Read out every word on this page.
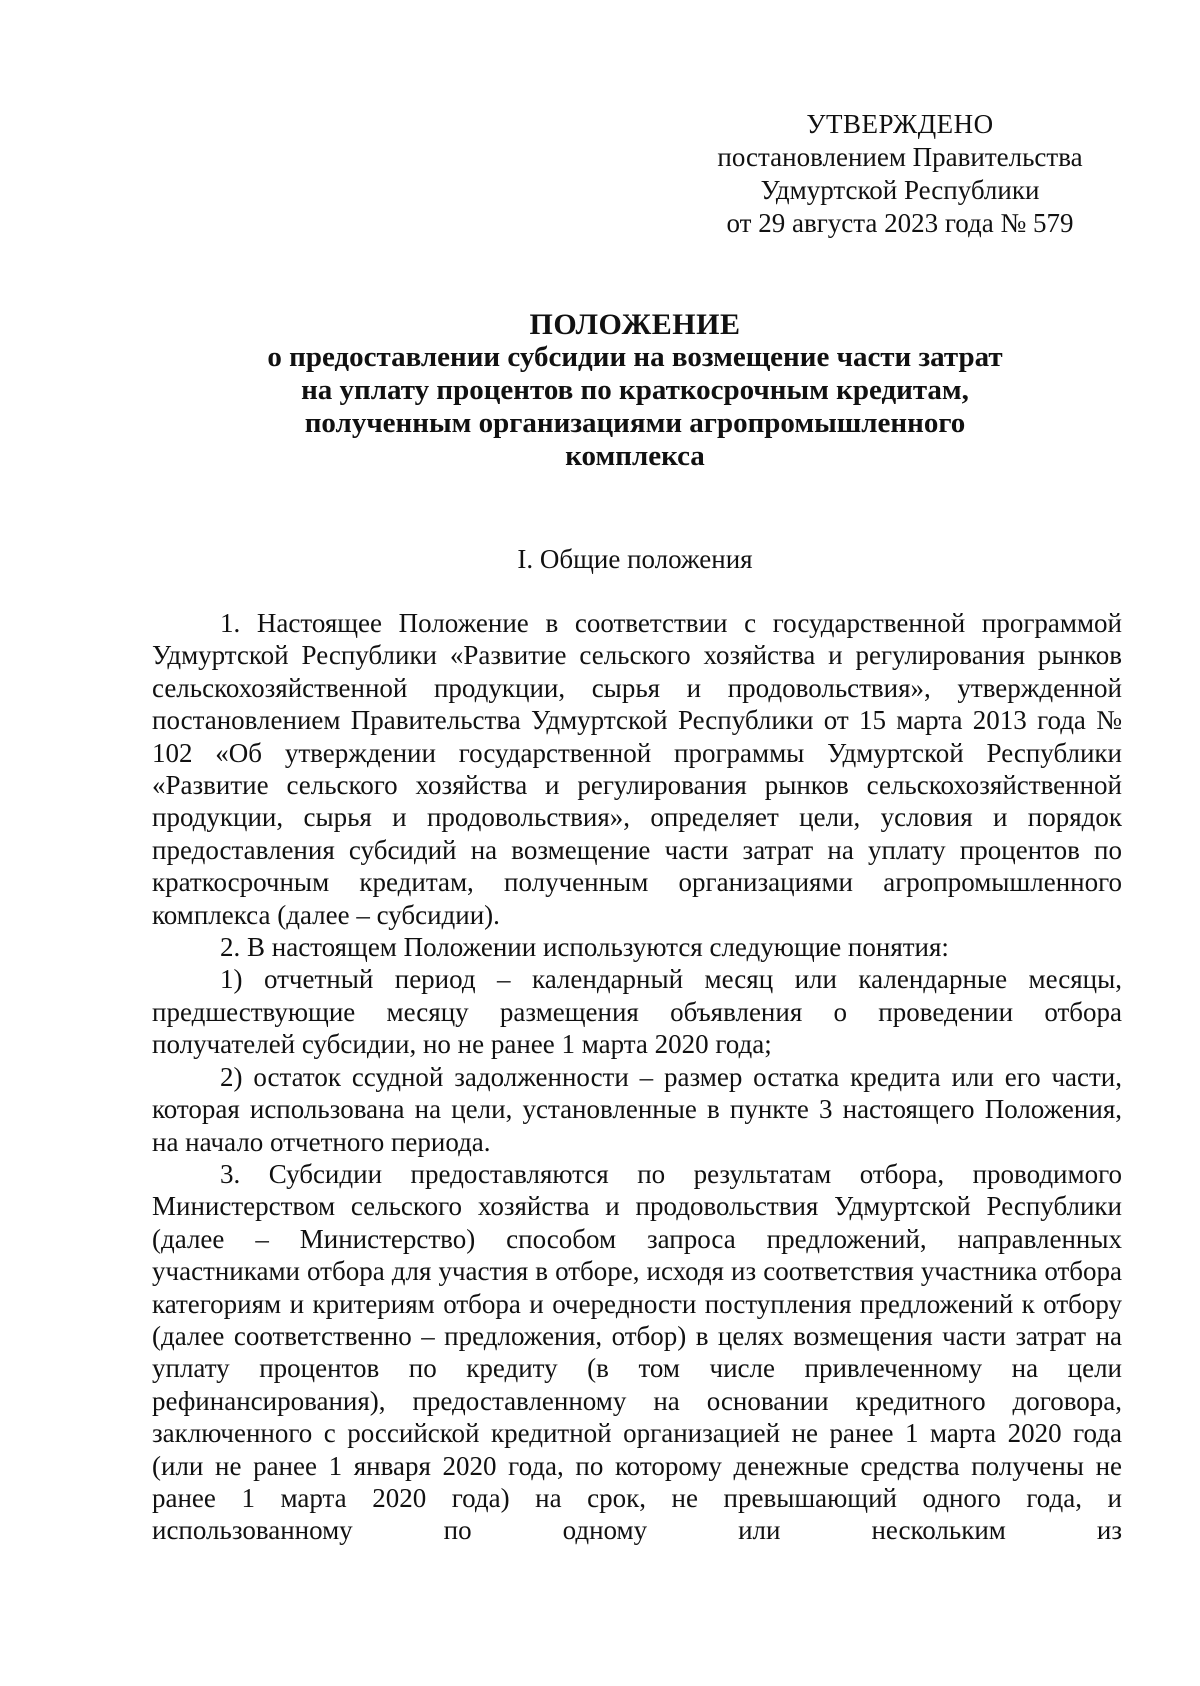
УТВЕРЖДЕНО
постановлением Правительства
Удмуртской Республики
от 29 августа 2023 года № 579
ПОЛОЖЕНИЕ
о предоставлении субсидии на возмещение части затрат
на уплату процентов по краткосрочным кредитам,
полученным организациями агропромышленного
комплекса
I. Общие положения

1. Настоящее Положение в соответствии с государственной программой Удмуртской Республики «Развитие сельского хозяйства и регулирования рынков сельскохозяйственной продукции, сырья и продовольствия», утвержденной постановлением Правительства Удмуртской Республики от 15 марта 2013 года № 102 «Об утверждении государственной программы Удмуртской Республики «Развитие сельского хозяйства и регулирования рынков сельскохозяйственной продукции, сырья и продовольствия», определяет цели, условия и порядок предоставления субсидий на возмещение части затрат на уплату процентов по краткосрочным кредитам, полученным организациями агропромышленного комплекса (далее – субсидии).

2. В настоящем Положении используются следующие понятия:

1) отчетный период – календарный месяц или календарные месяцы, предшествующие месяцу размещения объявления о проведении отбора получателей субсидии, но не ранее 1 марта 2020 года;

2) остаток ссудной задолженности – размер остатка кредита или его части, которая использована на цели, установленные в пункте 3 настоящего Положения, на начало отчетного периода.

3. Субсидии предоставляются по результатам отбора, проводимого Министерством сельского хозяйства и продовольствия Удмуртской Республики (далее – Министерство) способом запроса предложений, направленных участниками отбора для участия в отборе, исходя из соответствия участника отбора категориям и критериям отбора и очередности поступления предложений к отбору (далее соответственно – предложения, отбор) в целях возмещения части затрат на уплату процентов по кредиту (в том числе привлеченному на цели рефинансирования), предоставленному на основании кредитного договора, заключенного с российской кредитной организацией не ранее 1 марта 2020 года (или не ранее 1 января 2020 года, по которому денежные средства получены не ранее 1 марта 2020 года) на срок, не превышающий одного года, и использованному по одному или нескольким из
